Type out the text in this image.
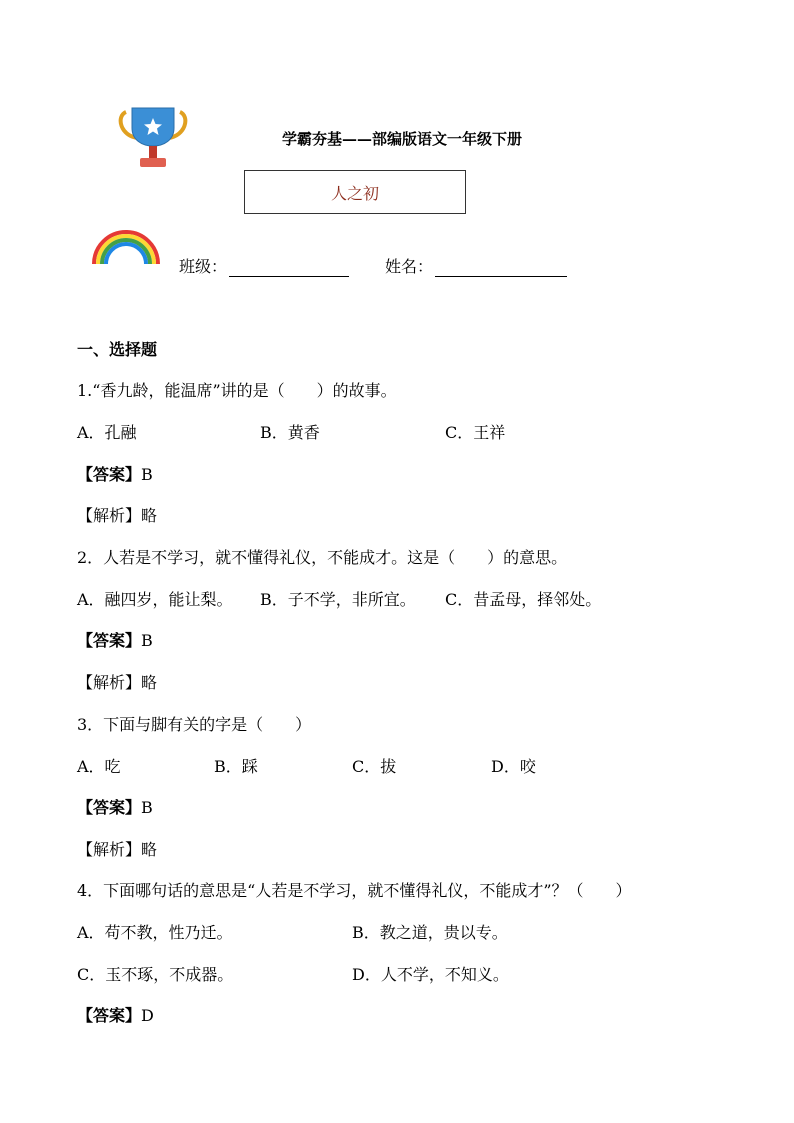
学霸夯基——部编版语文一年级下册
人之初
班级：	姓名：
一、选择题
1.“香九龄，能温席”讲的是（　　）的故事。
A．孔融	B．黄香	C．王祥
【答案】B
【解析】略
2．人若是不学习，就不懂得礼仪，不能成才。这是（　　）的意思。
A．融四岁，能让梨。 B．子不学，非所宜。 C．昔孟母，择邻处。
【答案】B
【解析】略
3．下面与脚有关的字是（　　）
A．吃	B．踩	C．拔	D．咬
【答案】B
【解析】略
4．下面哪句话的意思是“人若是不学习，就不懂得礼仪，不能成才”？（　　）
A．苟不教，性乃迁。	B．教之道，贵以专。
C．玉不琢，不成器。	D．人不学，不知义。
【答案】D
